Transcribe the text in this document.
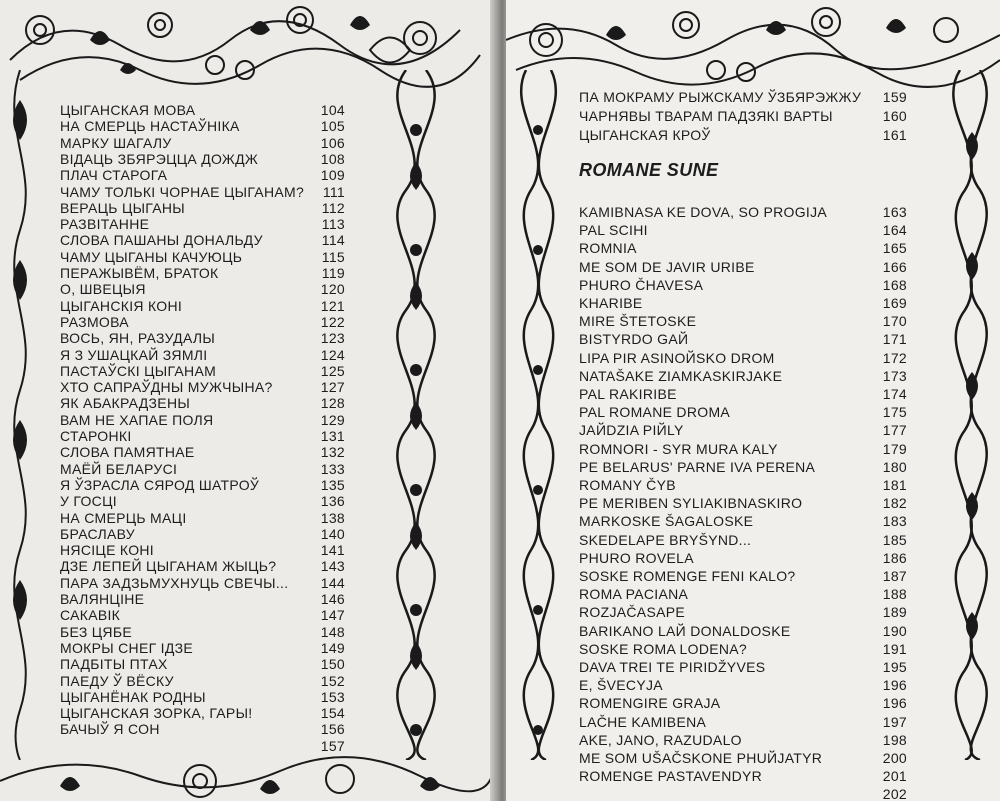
ЦЫГАНСКАЯ МОВА	104
НА СМЕРЦЬ НАСТАЎНІКА	105
МАРКУ ШАГАЛУ	106
ВІДАЦЬ ЗБЯРЭЦЦА ДОЖДЖ	108
ПЛАЧ СТАРОГА	109
ЧАМУ ТОЛЬКІ ЧОРНАЕ ЦЫГАНАМ? 111
ВЕРАЦЬ ЦЫГАНЫ	112
РАЗВІТАННЕ	113
СЛОВА ПАШАНЫ ДОНАЛЬДУ	114
ЧАМУ ЦЫГАНЫ КАЧУЮЦЬ	115
ПЕРАЖЫВЁМ, БРАТОК	119
О, ШВЕЦЫЯ	120
ЦЫГАНСКІЯ КОНІ	121
РАЗМОВА	122
ВОСЬ, ЯН, РАЗУДАЛЫ	123
Я З УШАЦКАЙ ЗЯМЛІ	124
ПАСТАЎСКІ ЦЫГАНАМ	125
ХТО САПРАЎДНЫ МУЖЧЫНА?	127
ЯК АБАКРАДЗЕНЫ	128
ВАМ НЕ ХАПАЕ ПОЛЯ	129
СТАРОНКІ	131
СЛОВА ПАМЯТНАЕ	132
МАЁЙ БЕЛАРУСІ	133
Я ЎЗРАСЛА СЯРОД ШАТРОЎ	135
У ГОСЦІ	136
НА СМЕРЦЬ МАЦІ	138
БРАСЛАВУ	140
НЯСІЦЕ КОНІ	141
ДЗЕ ЛЕПЕЙ ЦЫГАНАМ ЖЫЦЬ?	143
ПАРА ЗАДЗЬМУХНУЦЬ СВЕЧЫ... 144
ВАЛЯНЦІНЕ	146
САКАВІК	147
БЕЗ ЦЯБЕ	148
МОКРЫ СНЕГ ІДЗЕ	149
ПАДБІТЫ ПТАХ	150
ПАЕДУ Ў ВЁСКУ	152
ЦЫГАНЁНАК РОДНЫ	153
ЦЫГАНСКАЯ ЗОРКА, ГАРЫ!	154
БАЧЫЎ Я СОН	156
157
ROMANE SUNE
ПА МОКРАМУ РЫЖСКАМУ ЎЗБЯРЭЖЖУ 159
ЧАРНЯВЫ ТВАРАМ ПАДЗЯКІ ВАРТЫ	160
ЦЫГАНСКАЯ КРОЎ	161
KAMIBNASA KE DOVA, SO PROGIJA	163
PAL SCIHI	164
ROMNIA	165
ME SOM DE JAVIR URIBE	166
PHURO ČHAVESA	168
KHARIBE	169
MIRE ŠTETOSKE	170
BISTYRDO GAЙ	171
LIPA PIR ASINOЙSKO DROM	172
NATAŠAKE ZIAMKASKIRJAKE	173
PAL RAKIRIBE	174
PAL ROMANE DROMA	175
JAЙDZIA PIЙLY	177
ROMNORI - SYR MURA KALY	179
PE BELARUS' PARNE IVA PERENA	180
ROMANY ČYB	181
PE MERIBEN SYLIAKIBNASKIRO	182
MARKOSKE ŠAGALOSKE	183
SKEDELAPE BRYŠYND...	185
PHURO ROVELA	186
SOSKE ROMENGE FENI KALO?	187
ROMA PACIANA	188
ROZJAČASAPE	189
BARIKANO LAЙ DONALDOSKE	190
SOSKE ROMA LODENA?	191
DAVA TREI TE PIRIDŽYVES	195
E, ŠVECYJA	196
ROMENGIRE GRAJA	196
LAČHE KAMIBENA	197
AKE, JANO, RAZUDALO	198
ME SOM UŠAČSKONE PHUЙJATYR	200
ROMENGE PASTAVENDYR	201
202
